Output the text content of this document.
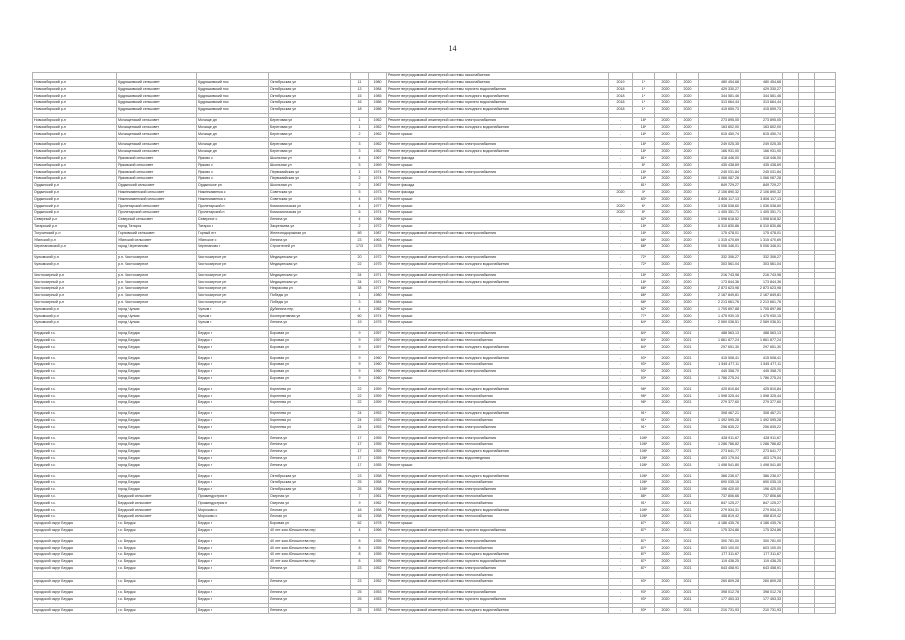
14
						Ремонт внутридомовой инженерной системы газоснабжения									
Новосибирский р-н	Кудряшовский сельсовет	Кудряшовский пос	Октябрьская ул	11	1980	Ремонт внутридомовой инженерной системы газоснабжения	2019	1*	2020	2020	480 454,68	480 454,68			
Новосибирский р-н	Кудряшовский сельсовет	Кудряшовский пос	Октябрьская ул	13	1984	Ремонт внутридомовой инженерной системы горячего водоснабжения	2018	1*	2020	2020	429 330,27	429 330,27			
Новосибирский р-н	Кудряшовский сельсовет	Кудряшовский пос	Октябрьская ул	15	1985	Ремонт внутридомовой инженерной системы холодного водоснабжения	2018	1*	2020	2020	344 581,46	344 581,46			
Новосибирский р-н	Кудряшовский сельсовет	Кудряшовский пос	Октябрьская ул	16	1986	Ремонт внутридомовой инженерной системы горячего водоснабжения	2018	1*	2020	2020	313 664,44	313 664,44			
Новосибирский р-н	Кудряшовский сельсовет	Кудряшовский пос	Октябрьская ул	18	1986	Ремонт внутридомовой инженерной системы холодного водоснабжения	2018	1*	2020	2020	415 659,73	415 659,73			

Новосибирский р-н	Мочищенский сельсовет	Мочище дп	Береговая ул	1	1962	Ремонт внутридомовой инженерной системы электроснабжения	-	18*	2020	2020	273 895,05	273 895,05			
Новосибирский р-н	Мочищенский сельсовет	Мочище дп	Береговая ул	1	1962	Ремонт внутридомовой инженерной системы холодного водоснабжения	-	18*	2020	2020	163 802,00	163 802,00			
Новосибирский р-н	Мочищенский сельсовет	Мочище дп	Береговая ул	2	1962	Ремонт крыши	-	18*	2020	2020	615 450,74	615 450,74			

Новосибирский р-н	Мочищенский сельсовет	Мочище дп	Береговая ул	3	1962	Ремонт внутридомовой инженерной системы электроснабжения	-	18*	2020	2020	249 025,35	249 025,35			
Новосибирский р-н	Мочищенский сельсовет	Мочище дп	Береговая ул	3	1962	Ремонт внутридомовой инженерной системы холодного водоснабжения	-	18*	2020	2020	166 931,00	166 931,00			
Новосибирский р-н	Ярковский сельсовет	Ярково с	Школьная ул	4	1967	Ремонт фасада	-	81*	2020	2020	418 446,00	418 446,00			
Новосибирский р-н	Ярковский сельсовет	Ярково с	Школьная ул	5	1969	Ремонт крыши	-	8*	2020	2020	435 438,69	435 438,69			
Новосибирский р-н	Ярковский сельсовет	Ярково с	Первомайская ул	1	1974	Ремонт внутридомовой инженерной системы электроснабжения	-	18*	2020	2020	245 031,84	245 031,84			
Новосибирский р-н	Ярковский сельсовет	Ярково с	Первомайская ул	2	1974	Ремонт крыши	-	18*	2020	2020	1 066 087,28	1 066 087,28			
Ордынский р-н	Ордынский сельсовет	Ордынское рп	Школьная ул	2	1967	Ремонт фасада	-	81*	2020	2020	849 729,27	849 729,27			
Ордынский р-н	Нижнекаменский сельсовет	Нижнекаменка с	Советская ул	5	1973	Ремонт фасада	2020	4*	2020	2020	2 106 890,32	2 106 890,32			
Ордынский р-н	Нижнекаменский сельсовет	Нижнекаменка с	Советская ул	4	1978	Ремонт крыши	-	83*	2020	2020	3 806 117,13	3 806 117,13			
Ордынский р-н	Пролетарский сельсовет	Пролетарский п	Комсомольская ул	4	1977	Ремонт крыши	2020	6*	2020	2020	1 536 538,60	1 536 538,60			
Ордынский р-н	Пролетарский сельсовет	Пролетарский п	Комсомольская ул	6	1974	Ремонт крыши	2020	8*	2020	2020	1 405 351,71	1 405 351,71			
Северный р-н	Северный сельсовет	Северное с	Ленина ул	4	1966	Ремонт крыши	-	62*	2020	2020	1 598 618,52	1 598 618,52			
Татарский р-н	город Татарск	Татарск г	Закрепьева ул	2	1972	Ремонт крыши	-	18*	2020	2020	6 310 830,86	6 310 830,86			
Тогучинский р-н	Горновский сельсовет	Горный пгт	Железнодорожная ул	8б	1987	Ремонт внутридомовой инженерной системы электроснабжения	-	18*	2020	2020	175 478,01	175 478,01			
Убинский р-н	Убинский сельсовет	Убинское с	Ленина ул	23	1963	Ремонт крыши	-	68*	2020	2020	1 315 470,69	1 315 470,69			
Черепановский р-н	город Черепаново	Черепаново г	Строителей ул	17/3	1978	Ремонт крыши	-	68*	2020	2020	5 006 346,01	5 006 346,01			

Чулымский р-н	р.п. Чистоозерное	Чистоозерное рп	Медицинская ул	20	1972	Ремонт внутридомовой инженерной системы электроснабжения	-	72*	2020	2020	332 306,27	332 306,27			
Чулымский р-н	р.п. Чистоозерное	Чистоозерное рп	Медицинская ул	22	1975	Ремонт внутридомовой инженерной системы холодного водоснабжения	-	72*	2020	2020	303 561,04	303 561,04			

Чистоозерный р-н	р.п. Чистоозерное	Чистоозерное рп	Медицинская ул	34	1971	Ремонт внутридомовой инженерной системы электроснабжения	-	18*	2020	2020	216 743,98	216 743,98			
Чистоозерный р-н	р.п. Чистоозерное	Чистоозерное рп	Медицинская ул	34	1971	Ремонт внутридомовой инженерной системы холодного водоснабжения	-	18*	2020	2020	173 844,36	173 844,36			
Чистоозерный р-н	р.п. Чистоозерное	Чистоозерное рп	Некрасова ул	38	1977	Ремонт крыши	-	68*	2020	2020	2 873 623,98	2 873 623,98			
Чистоозерный р-н	р.п. Чистоозерное	Чистоозерное рп	Победы ул	1	1980	Ремонт крыши	-	68*	2020	2020	2 167 849,81	2 167 849,81			
Чистоозерный р-н	р.п. Чистоозерное	Чистоозерное рп	Победы ул	3	1984	Ремонт крыши	-	68*	2020	2020	2 213 661,76	2 213 661,76			
Чулымский р-н	город Чулым	Чулым г	Дубинина пер	4	1982	Ремонт крыши	-	62*	2020	2020	1 705 897,88	1 705 897,88			
Чулымский р-н	город Чулым	Чулым г	Кооперативная ул	60	1974	Ремонт крыши	-	77*	2020	2020	1 475 930,15	1 475 930,15			
Чулымский р-н	город Чулым	Чулым г	Ленина ул	19	1975	Ремонт крыши	-	64*	2020	2020	2 569 036,51	2 569 036,51			

Бердский г.о.	город Бердск	Бердск г	Боровая ул	9	1957	Ремонт внутридомовой инженерной системы электроснабжения	-	84*	2020	2021	488 563,13	488 563,13			
Бердский г.о.	город Бердск	Бердск г	Боровая ул	9	1957	Ремонт внутридомовой инженерной системы теплоснабжения	-	84*	2020	2021	1 861 877,24	1 861 877,24			
Бердский г.о.	город Бердск	Бердск г	Боровая ул	9	1957	Ремонт внутридомовой инженерной системы холодного водоснабжения	-	84*	2020	2021	297 651,30	297 651,30			

Бердский г.о.	город Бердск	Бердск г	Боровая ул	9	1960	Ремонт внутридомовой инженерной системы холодного водоснабжения	-	93*	2020	2021	415 508,41	415 508,41			
Бердский г.о.	город Бердск	Бердск г	Боровая ул	9	1960	Ремонт внутридомовой инженерной системы теплоснабжения	-	93*	2020	2021	1 545 477,11	1 545 477,11			
Бердский г.о.	город Бердск	Бердск г	Боровая ул	9	1960	Ремонт внутридомовой инженерной системы электроснабжения	-	93*	2020	2021	445 358,70	445 358,70			
Бердский г.о.	город Бердск	Бердск г	Боровая ул	9	1960	Ремонт крыши	-	93*	2020	2021	1 786 275,24	1 786 275,24			

Бердский г.о.	город Бердск	Бердск г	Корнеева ул	22	1959	Ремонт внутридомовой инженерной системы холодного водоснабжения	-	98*	2020	2021	425 810,84	425 810,84			
Бердский г.о.	город Бердск	Бердск г	Корнеева ул	22	1959	Ремонт внутридомовой инженерной системы теплоснабжения	-	98*	2020	2021	1 598 325,44	1 598 325,44			
Бердский г.о.	город Бердск	Бердск г	Корнеева ул	22	1959	Ремонт внутридомовой инженерной системы электроснабжения	-	98*	2020	2021	279 377,60	279 377,60			

Бердский г.о.	город Бердск	Бердск г	Корнеева ул	24	1953	Ремонт внутридомовой инженерной системы холодного водоснабжения	-	91*	2020	2021	308 467,21	308 467,21			
Бердский г.о.	город Бердск	Бердск г	Корнеева ул	24	1953	Ремонт внутридомовой инженерной системы теплоснабжения	-	91*	2020	2021	1 492 595,28	1 492 595,28			
Бердский г.о.	город Бердск	Бердск г	Корнеева ул	24	1953	Ремонт внутридомовой инженерной системы электроснабжения	-	91*	2020	2021	256 835,22	256 835,22			

Бердский г.о.	город Бердск	Бердск г	Ленина ул	17	1955	Ремонт внутридомовой инженерной системы электроснабжения	-	108*	2020	2021	428 911,67	428 911,67			
Бердский г.о.	город Бердск	Бердск г	Ленина ул	17	1955	Ремонт внутридомовой инженерной системы теплоснабжения	-	108*	2020	2021	1 286 786,82	1 286 786,82			
Бердский г.о.	город Бердск	Бердск г	Ленина ул	17	1955	Ремонт внутридомовой инженерной системы холодного водоснабжения	-	108*	2020	2021	273 641,77	273 641,77			
Бердский г.о.	город Бердск	Бердск г	Ленина ул	17	1955	Ремонт внутридомовой инженерной системы водоотведения	-	108*	2020	2021	403 179,04	403 179,04			
Бердский г.о.	город Бердск	Бердск г	Ленина ул	17	1955	Ремонт крыши	-	108*	2020	2021	1 498 541,80	1 498 541,80			

Бердский г.о.	город Бердск	Бердск г	Октябрьская ул	23	1958	Ремонт внутридомовой инженерной системы холодного водоснабжения	-	108*	2020	2021	386 236,07	386 236,07			
Бердский г.о.	город Бердск	Бердск г	Октябрьская ул	25	1958	Ремонт внутридомовой инженерной системы теплоснабжения	-	108*	2020	2021	690 035,15	690 035,15			
Бердский г.о.	город Бердск	Бердск г	Октябрьская ул	25	1958	Ремонт внутридомовой инженерной системы электроснабжения	-	108*	2020	2021	196 420,00	196 420,00			
Бердский г.о.	Бердский сельсовет	Проминдустрия п	Озерная ул	7	1961	Ремонт внутридомовой инженерной системы теплоснабжения	-	88*	2020	2021	737 806,66	737 806,66			
Бердский г.о.	Бердский сельсовет	Проминдустрия п	Озерная ул	9	1962	Ремонт внутридомовой инженерной системы теплоснабжения	-	91*	2020	2021	847 125,27	847 125,27			
Бердский г.о.	Бердский сельсовет	Морозово с	Лесная ул	16	1958	Ремонт внутридомовой инженерной системы холодного водоснабжения	-	108*	2020	2021	279 534,31	279 534,31			
Бердский г.о.	Бердский сельсовет	Морозово с	Лесная ул	16	1958	Ремонт внутридомовой инженерной системы теплоснабжения	-	108*	2020	2021	458 819,42	458 819,42			
городской округ Бердск	г.о. Бердск	Бердск г	Боровая ул	62	1978	Ремонт крыши	-	67*	2020	2021	4 186 435,76	4 186 435,76			
городской округ Бердск	г.о. Бердск	Бердск г	40 лет ком.Юношества пер	4	1966	Ремонт внутридомовой инженерной системы горячего водоснабжения	-	87*	2020	2021	175 324,86	175 324,86			

городской округ Бердск	г.о. Бердск	Бердск г	40 лет ком.Юношества пер	8	1955	Ремонт внутридомовой инженерной системы электроснабжения	-	87*	2020	2021	300 781,00	300 781,00			
городской округ Бердск	г.о. Бердск	Бердск г	40 лет ком.Юношества пер	8	1955	Ремонт внутридомовой инженерной системы теплоснабжения	-	87*	2020	2021	603 100,00	603 100,00			
городской округ Бердск	г.о. Бердск	Бердск г	40 лет ком.Юношества пер	8	1955	Ремонт внутридомовой инженерной системы холодного водоснабжения	-	87*	2020	2021	177 311,67	177 311,67			
городской округ Бердск	г.о. Бердск	Бердск г	40 лет ком.Юношества пер	8	1955	Ремонт внутридомовой инженерной системы горячего водоснабжения	-	87*	2020	2021	119 436,25	119 436,25			
городской округ Бердск	г.о. Бердск	Бердск г	Ленина ул	23	1952	Ремонт внутридомовой инженерной системы электроснабжения	-	87*	2020	2021	643 458,91	643 458,91			
						Ремонт внутридомовой инженерной системы теплоснабжения									
городской округ Бердск	г.о. Бердск	Бердск г	Ленина ул	23	1952	Ремонт внутридомовой инженерной системы теплоснабжения	-	93*	2020	2021	260 809,28	260 809,28			

городской округ Бердск	г.о. Бердск	Бердск г	Ленина ул	25	1953	Ремонт внутридомовой инженерной системы электроснабжения	-	93*	2020	2021	398 012,78	398 012,78			
городской округ Бердск	г.о. Бердск	Бердск г	Ленина ул	25	1953	Ремонт внутридомовой инженерной системы горячего водоснабжения	-	93*	2020	2021	177 453,33	177 453,33			

городской округ Бердск	г.о. Бердск	Бердск г	Ленина ул	25	1953	Ремонт внутридомовой инженерной системы холодного водоснабжения	-	93*	2020	2021	210 731,93	210 731,93			
